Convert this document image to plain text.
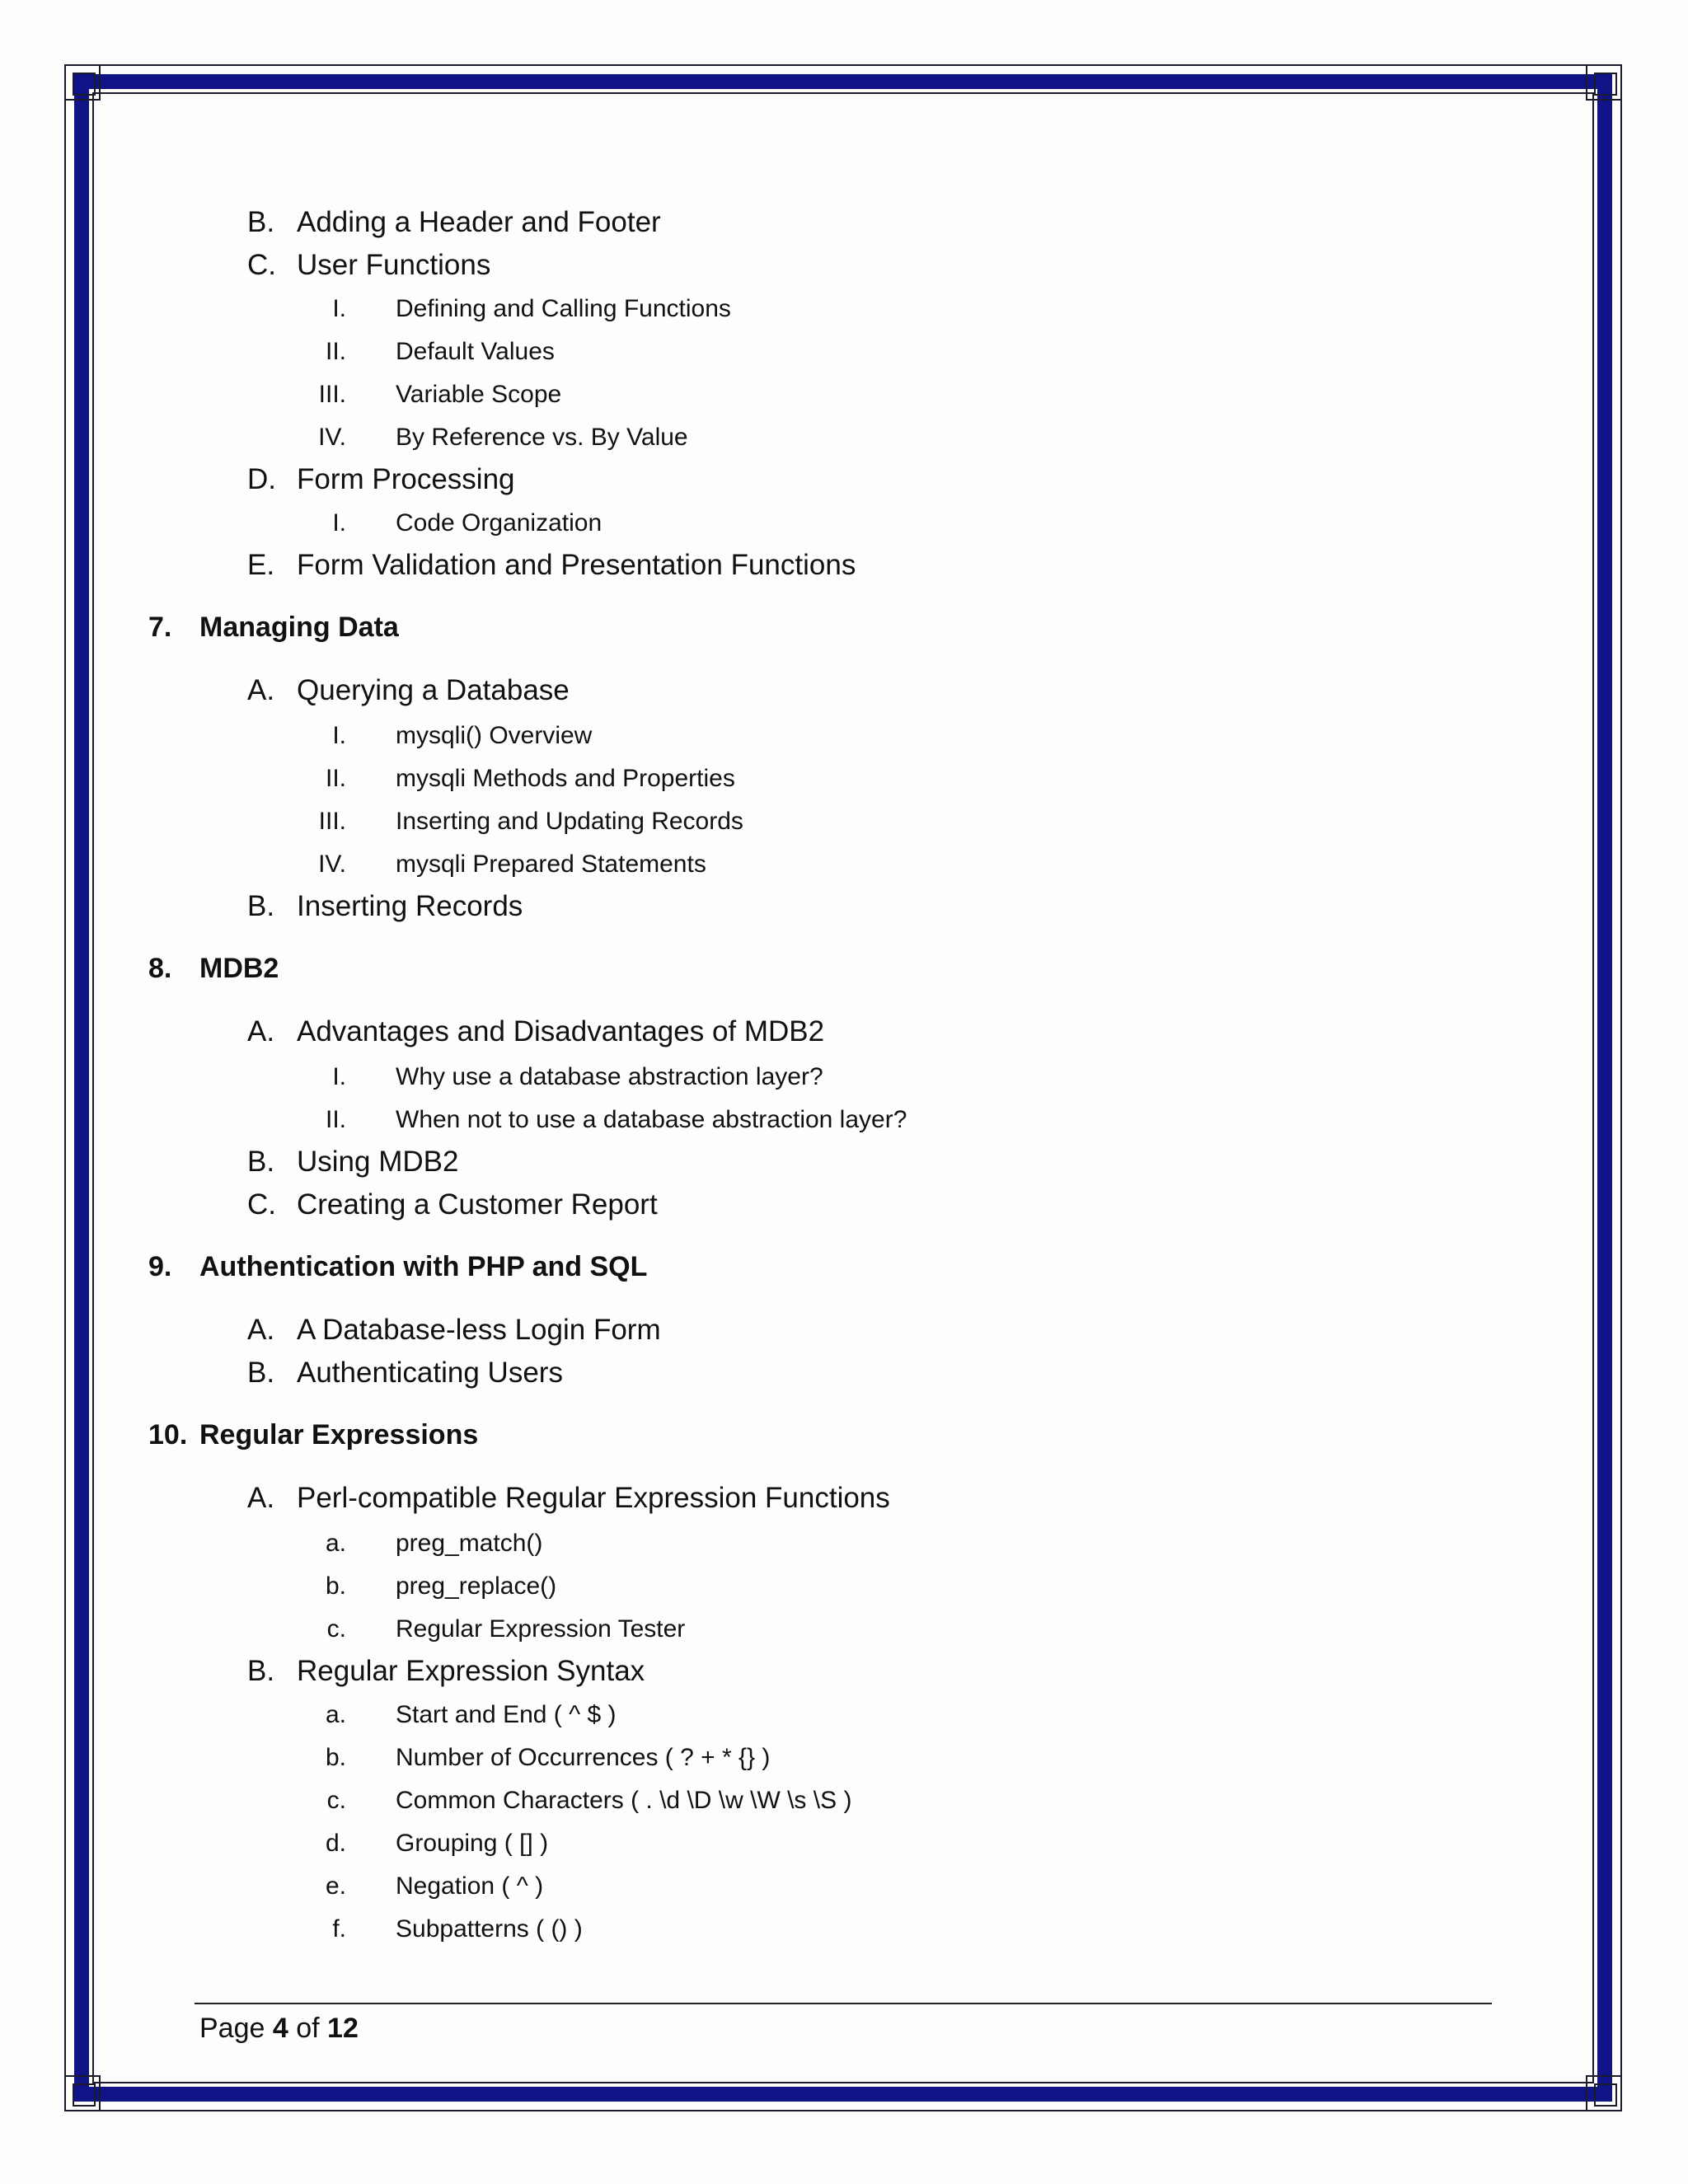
B. Adding a Header and Footer
C. User Functions
I. Defining and Calling Functions
II. Default Values
III. Variable Scope
IV. By Reference vs. By Value
D. Form Processing
I. Code Organization
E. Form Validation and Presentation Functions
7. Managing Data
A. Querying a Database
I. mysqli() Overview
II. mysqli Methods and Properties
III. Inserting and Updating Records
IV. mysqli Prepared Statements
B. Inserting Records
8. MDB2
A. Advantages and Disadvantages of MDB2
I. Why use a database abstraction layer?
II. When not to use a database abstraction layer?
B. Using MDB2
C. Creating a Customer Report
9. Authentication with PHP and SQL
A. A Database-less Login Form
B. Authenticating Users
10. Regular Expressions
A. Perl-compatible Regular Expression Functions
a. preg_match()
b. preg_replace()
c. Regular Expression Tester
B. Regular Expression Syntax
a. Start and End ( ^ $ )
b. Number of Occurrences ( ? + * {} )
c. Common Characters ( . \d \D \w \W \s \S )
d. Grouping ( [] )
e. Negation ( ^ )
f. Subpatterns ( () )
Page 4 of 12
